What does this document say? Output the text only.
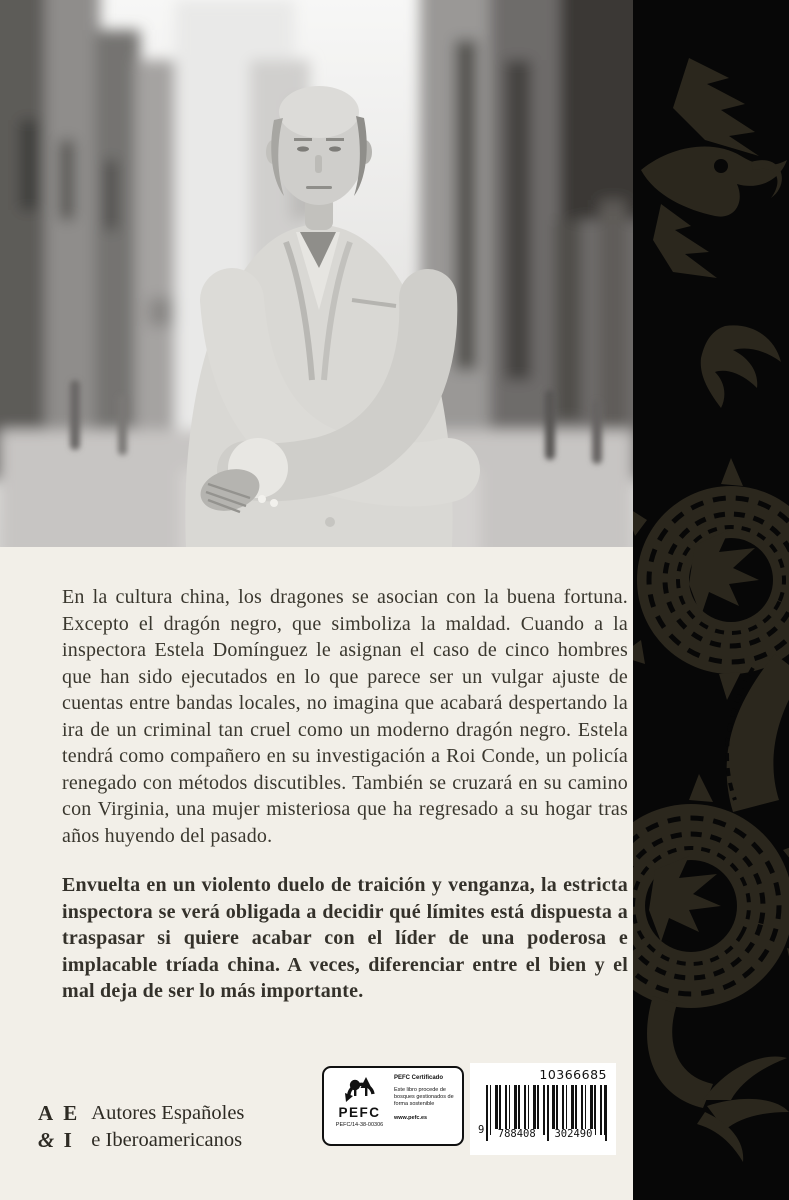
En la cultura china, los dragones se asocian con la buena fortuna. Excepto el dragón negro, que simboliza la maldad. Cuando a la inspectora Estela Domínguez le asignan el caso de cinco hombres que han sido ejecutados en lo que parece ser un vulgar ajuste de cuentas entre bandas locales, no imagina que acabará despertando la ira de un criminal tan cruel como un moderno dragón negro. Estela tendrá como compañero en su investigación a Roi Conde, un policía renegado con métodos discutibles. También se cruzará en su camino con Virginia, una mujer misteriosa que ha regresado a su hogar tras años huyendo del pasado.

Envuelta en un violento duelo de traición y venganza, la estricta inspectora se verá obligada a decidir qué límites está dispuesta a traspasar si quiere acabar con el líder de una poderosa e implacable tríada china. A veces, diferenciar entre el bien y el mal deja de ser lo más importante.

A E
& I
Autores Españoles
e Iberoamericanos
PEFC
PEFC/14-38-00306
PEFC Certificado
Este libro procede de bosques gestionados de forma sostenible
www.pefc.es
10366685
9 788408 302490
